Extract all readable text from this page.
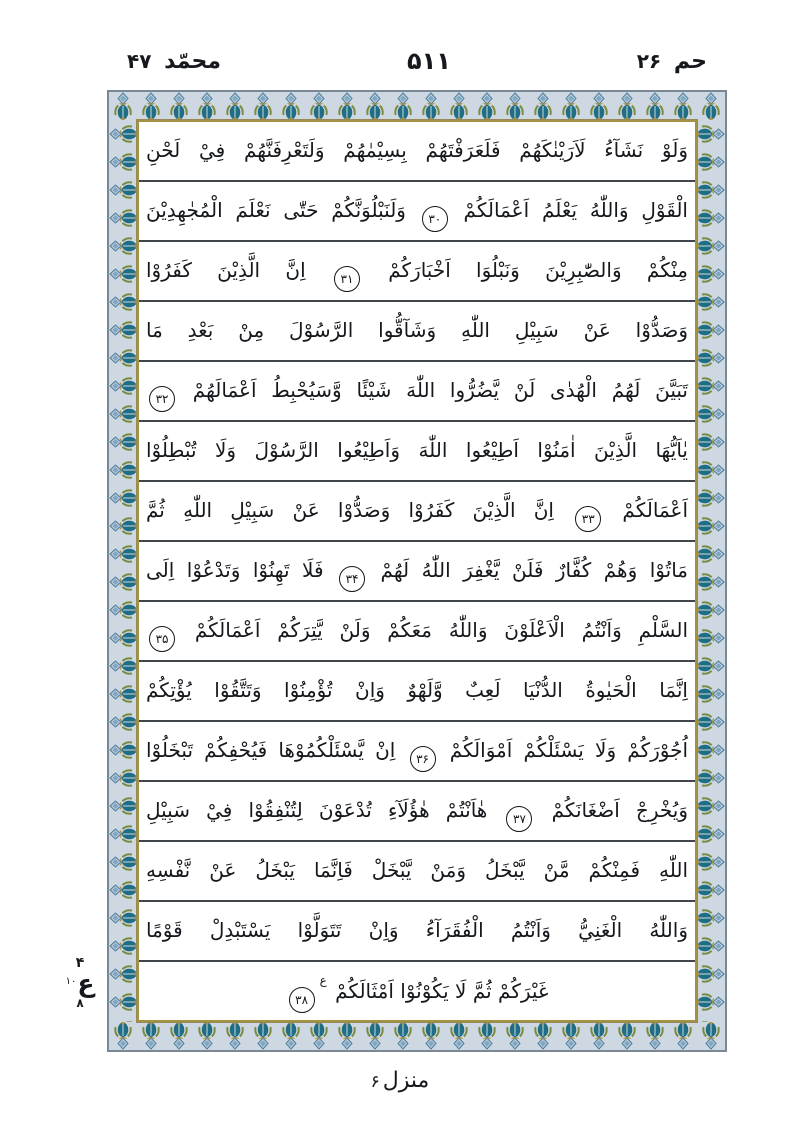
محمّد ۴۷	۵۱۱	حم ۲۶
وَلَوْ نَشَآءُ لَاَرَيْنٰكَهُمْ فَلَعَرَفْتَهُمْ بِسِيْمٰهُمْ وَلَتَعْرِفَنَّهُمْ فِيْ لَحْنِ
الْقَوْلِ وَاللّٰهُ يَعْلَمُ اَعْمَالَكُمْ ۳۰ وَلَنَبْلُوَنَّكُمْ حَتّٰى نَعْلَمَ الْمُجٰهِدِيْنَ
مِنْكُمْ وَالصّٰبِرِيْنَ وَنَبْلُوَا اَخْبَارَكُمْ ۳۱ اِنَّ الَّذِيْنَ كَفَرُوْا
وَصَدُّوْا عَنْ سَبِيْلِ اللّٰهِ وَشَآقُّوا الرَّسُوْلَ مِنْ بَعْدِ مَا
تَبَيَّنَ لَهُمُ الْهُدٰى لَنْ يَّضُرُّوا اللّٰهَ شَيْئًا وَّسَيُحْبِطُ اَعْمَالَهُمْ ۳۲
يٰاَيُّهَا الَّذِيْنَ اٰمَنُوْا اَطِيْعُوا اللّٰهَ وَاَطِيْعُوا الرَّسُوْلَ وَلَا تُبْطِلُوْا
اَعْمَالَكُمْ ۳۳ اِنَّ الَّذِيْنَ كَفَرُوْا وَصَدُّوْا عَنْ سَبِيْلِ اللّٰهِ ثُمَّ
مَاتُوْا وَهُمْ كُفَّارٌ فَلَنْ يَّغْفِرَ اللّٰهُ لَهُمْ ۳۴ فَلَا تَهِنُوْا وَتَدْعُوْا اِلَى
السَّلْمِ وَاَنْتُمُ الْاَعْلَوْنَ وَاللّٰهُ مَعَكُمْ وَلَنْ يَّتِرَكُمْ اَعْمَالَكُمْ ۳۵
اِنَّمَا الْحَيٰوةُ الدُّنْيَا لَعِبٌ وَّلَهْوٌ وَاِنْ تُؤْمِنُوْا وَتَتَّقُوْا يُؤْتِكُمْ
اُجُوْرَكُمْ وَلَا يَسْئَلْكُمْ اَمْوَالَكُمْ ۳۶ اِنْ يَّسْئَلْكُمُوْهَا فَيُحْفِكُمْ تَبْخَلُوْا
وَيُخْرِجْ اَضْغَانَكُمْ ۳۷ هٰاَنْتُمْ هٰؤُلَآءِ تُدْعَوْنَ لِتُنْفِقُوْا فِيْ سَبِيْلِ
اللّٰهِ فَمِنْكُمْ مَّنْ يَّبْخَلُ وَمَنْ يَّبْخَلْ فَاِنَّمَا يَبْخَلُ عَنْ نَّفْسِهِ
وَاللّٰهُ الْغَنِيُّ وَاَنْتُمُ الْفُقَرَآءُ وَاِنْ تَتَوَلَّوْا يَسْتَبْدِلْ قَوْمًا
غَيْرَكُمْ ثُمَّ لَا يَكُوْنُوْا اَمْثَالَكُمْ ع۳۸
۴
ع
۱۰
۸
منزل۶
